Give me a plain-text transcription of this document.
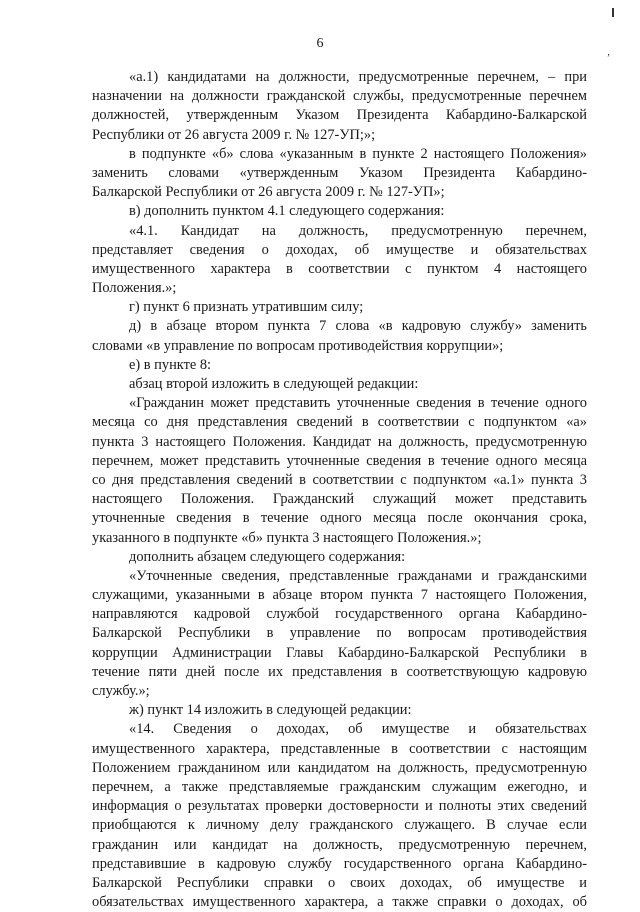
,
6
«а.1) кандидатами на должности, предусмотренные перечнем, – при
назначении на должности гражданской службы, предусмотренные перечнем
должностей, утвержденным Указом Президента Кабардино-Балкарской
Республики от 26 августа 2009 г. № 127-УП;»;
в подпункте «б» слова «указанным в пункте 2 настоящего Положения»
заменить словами «утвержденным Указом Президента Кабардино-
Балкарской Республики от 26 августа 2009 г. № 127-УП»;
в) дополнить пунктом 4.1 следующего содержания:
«4.1. Кандидат на должность, предусмотренную перечнем,
представляет сведения о доходах, об имуществе и обязательствах
имущественного характера в соответствии с пунктом 4 настоящего
Положения.»;
г) пункт 6 признать утратившим силу;
д) в абзаце втором пункта 7 слова «в кадровую службу» заменить
словами «в управление по вопросам противодействия коррупции»;
е) в пункте 8:
абзац второй изложить в следующей редакции:
«Гражданин может представить уточненные сведения в течение одного
месяца со дня представления сведений в соответствии с подпунктом «а»
пункта 3 настоящего Положения. Кандидат на должность, предусмотренную
перечнем, может представить уточненные сведения в течение одного месяца
со дня представления сведений в соответствии с подпунктом «а.1» пункта 3
настоящего Положения. Гражданский служащий может представить
уточненные сведения в течение одного месяца после окончания срока,
указанного в подпункте «б» пункта 3 настоящего Положения.»;
дополнить абзацем следующего содержания:
«Уточненные сведения, представленные гражданами и гражданскими
служащими, указанными в абзаце втором пункта 7 настоящего Положения,
направляются кадровой службой государственного органа Кабардино-
Балкарской Республики в управление по вопросам противодействия
коррупции Администрации Главы Кабардино-Балкарской Республики в
течение пяти дней после их представления в соответствующую кадровую
службу.»;
ж) пункт 14 изложить в следующей редакции:
«14. Сведения о доходах, об имуществе и обязательствах
имущественного характера, представленные в соответствии с настоящим
Положением гражданином или кандидатом на должность, предусмотренную
перечнем, а также представляемые гражданским служащим ежегодно, и
информация о результатах проверки достоверности и полноты этих сведений
приобщаются к личному делу гражданского служащего. В случае если
гражданин или кандидат на должность, предусмотренную перечнем,
представившие в кадровую службу государственного органа Кабардино-
Балкарской Республики справки о своих доходах, об имуществе и
обязательствах имущественного характера, а также справки о доходах, об
